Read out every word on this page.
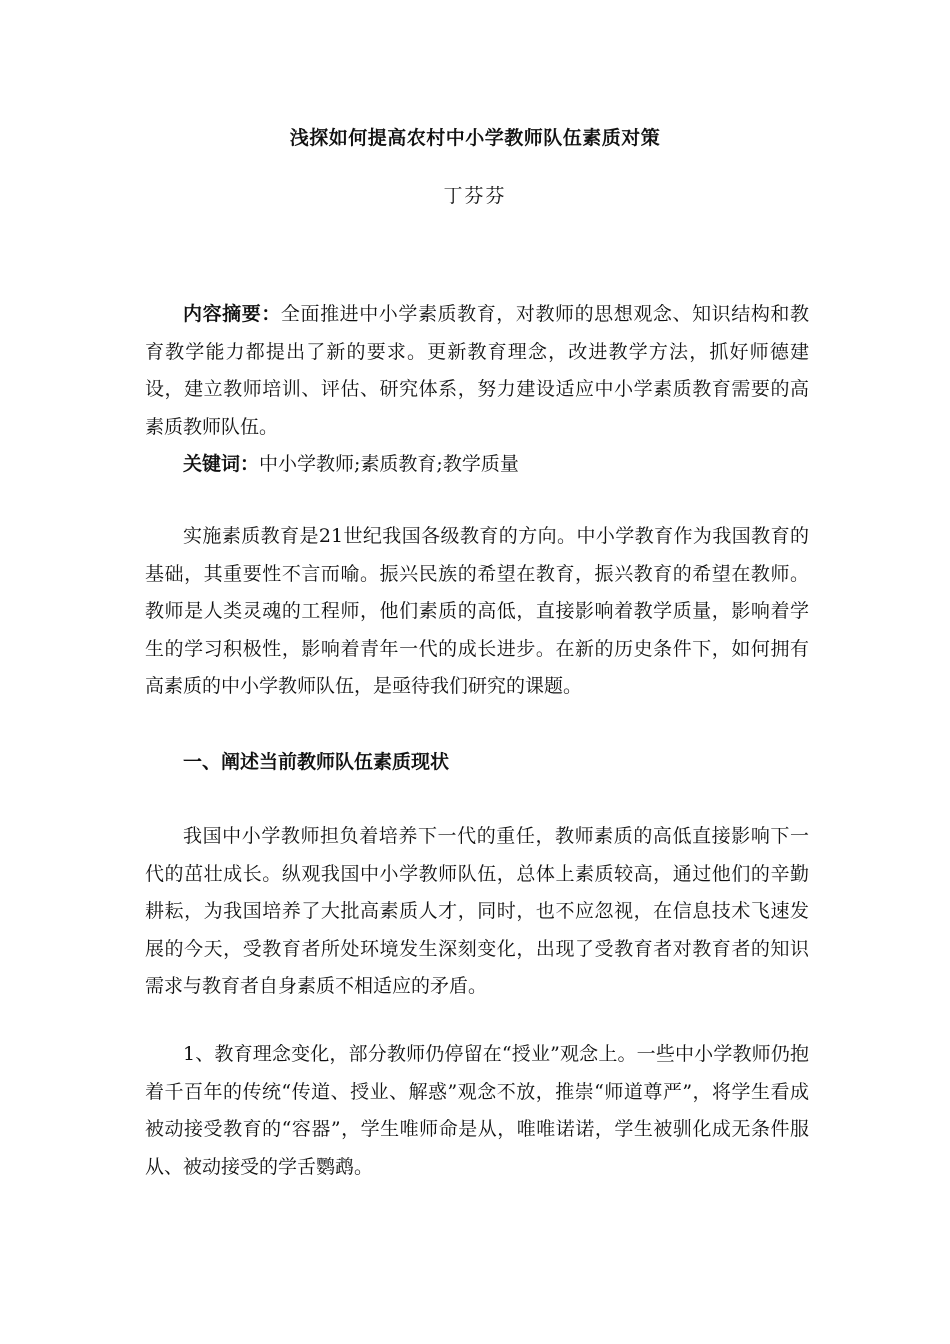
浅探如何提高农村中小学教师队伍素质对策
丁芬芬

内容摘要：全面推进中小学素质教育，对教师的思想观念、知识结构和教育教学能力都提出了新的要求。更新教育理念，改进教学方法，抓好师德建设，建立教师培训、评估、研究体系，努力建设适应中小学素质教育需要的高素质教师队伍。

关键词：中小学教师;素质教育;教学质量

实施素质教育是21世纪我国各级教育的方向。中小学教育作为我国教育的基础，其重要性不言而喻。振兴民族的希望在教育，振兴教育的希望在教师。教师是人类灵魂的工程师，他们素质的高低，直接影响着教学质量，影响着学生的学习积极性，影响着青年一代的成长进步。在新的历史条件下，如何拥有高素质的中小学教师队伍，是亟待我们研究的课题。

一、阐述当前教师队伍素质现状

我国中小学教师担负着培养下一代的重任，教师素质的高低直接影响下一代的茁壮成长。纵观我国中小学教师队伍，总体上素质较高，通过他们的辛勤耕耘，为我国培养了大批高素质人才，同时，也不应忽视，在信息技术飞速发展的今天，受教育者所处环境发生深刻变化，出现了受教育者对教育者的知识需求与教育者自身素质不相适应的矛盾。

1、教育理念变化，部分教师仍停留在“授业”观念上。一些中小学教师仍抱着千百年的传统“传道、授业、解惑”观念不放，推崇“师道尊严”，将学生看成被动接受教育的“容器”，学生唯师命是从，唯唯诺诺，学生被驯化成无条件服从、被动接受的学舌鹦鹉。
